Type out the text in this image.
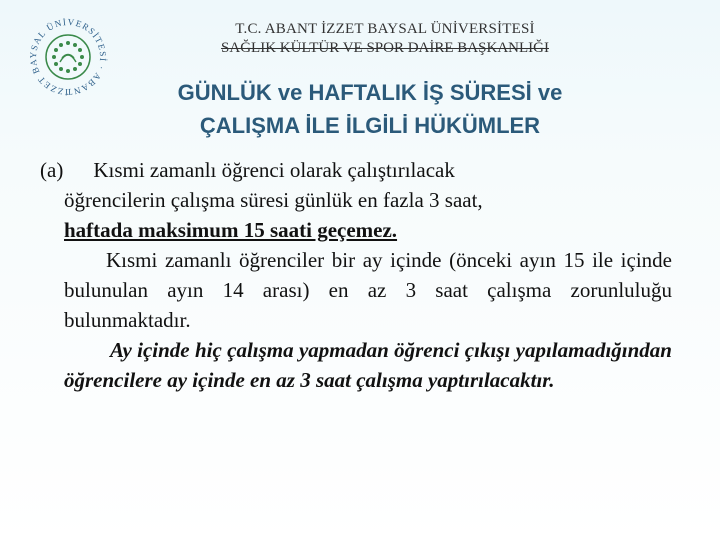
İZZET BAYSAL ÜNİVERSİTESİ · ABANT
T.C. ABANT İZZET BAYSAL ÜNİVERSİTESİ
SAĞLIK KÜLTÜR VE SPOR DAİRE BAŞKANLIĞI
GÜNLÜK ve HAFTALIK İŞ SÜRESİ ve
ÇALIŞMA İLE İLGİLİ HÜKÜMLER

(a) Kısmi zamanlı öğrenci olarak çalıştırılacak
öğrencilerin çalışma süresi günlük en fazla 3 saat,
haftada maksimum 15 saati geçemez.

Kısmi zamanlı öğrenciler bir ay içinde (önceki ayın 15 ile içinde bulunulan ayın 14 arası) en az 3 saat çalışma zorunluluğu bulunmaktadır.

Ay içinde hiç çalışma yapmadan öğrenci çıkışı yapılamadığından öğrencilere ay içinde en az 3 saat çalışma yaptırılacaktır.
